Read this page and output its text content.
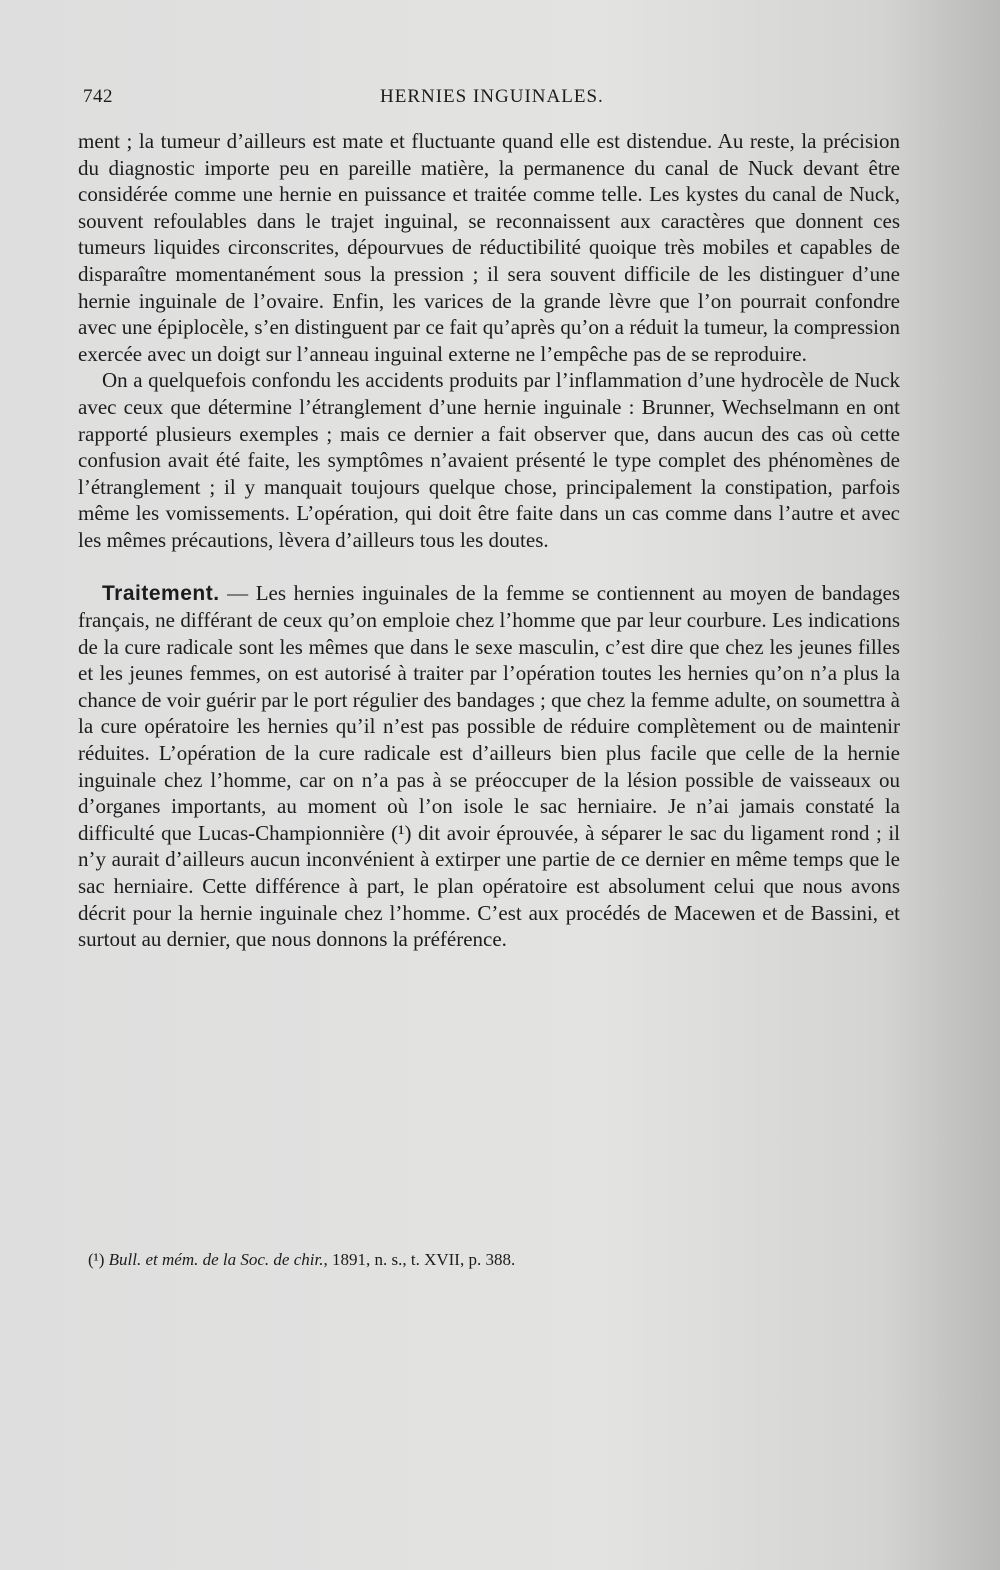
742	HERNIES INGUINALES.

ment ; la tumeur d’ailleurs est mate et fluctuante quand elle est distendue. Au reste, la précision du diagnostic importe peu en pareille matière, la permanence du canal de Nuck devant être considérée comme une hernie en puissance et traitée comme telle. Les kystes du canal de Nuck, souvent refoulables dans le trajet inguinal, se reconnaissent aux caractères que donnent ces tumeurs liquides circonscrites, dépourvues de réductibilité quoique très mobiles et capables de disparaître momentanément sous la pression ; il sera souvent difficile de les distinguer d’une hernie inguinale de l’ovaire. Enfin, les varices de la grande lèvre que l’on pourrait confondre avec une épiplocèle, s’en distinguent par ce fait qu’après qu’on a réduit la tumeur, la compression exercée avec un doigt sur l’anneau inguinal externe ne l’empêche pas de se reproduire.

On a quelquefois confondu les accidents produits par l’inflammation d’une hydrocèle de Nuck avec ceux que détermine l’étranglement d’une hernie inguinale : Brunner, Wechselmann en ont rapporté plusieurs exemples ; mais ce dernier a fait observer que, dans aucun des cas où cette confusion avait été faite, les symptômes n’avaient présenté le type complet des phénomènes de l’étranglement ; il y manquait toujours quelque chose, principalement la constipation, parfois même les vomissements. L’opération, qui doit être faite dans un cas comme dans l’autre et avec les mêmes précautions, lèvera d’ailleurs tous les doutes.

Traitement. — Les hernies inguinales de la femme se contiennent au moyen de bandages français, ne différant de ceux qu’on emploie chez l’homme que par leur courbure. Les indications de la cure radicale sont les mêmes que dans le sexe masculin, c’est dire que chez les jeunes filles et les jeunes femmes, on est autorisé à traiter par l’opération toutes les hernies qu’on n’a plus la chance de voir guérir par le port régulier des bandages ; que chez la femme adulte, on soumettra à la cure opératoire les hernies qu’il n’est pas possible de réduire complètement ou de maintenir réduites. L’opération de la cure radicale est d’ailleurs bien plus facile que celle de la hernie inguinale chez l’homme, car on n’a pas à se préoccuper de la lésion possible de vaisseaux ou d’organes importants, au moment où l’on isole le sac herniaire. Je n’ai jamais constaté la difficulté que Lucas-Championnière (¹) dit avoir éprouvée, à séparer le sac du ligament rond ; il n’y aurait d’ailleurs aucun inconvénient à extirper une partie de ce dernier en même temps que le sac herniaire. Cette différence à part, le plan opératoire est absolument celui que nous avons décrit pour la hernie inguinale chez l’homme. C’est aux procédés de Macewen et de Bassini, et surtout au dernier, que nous donnons la préférence.

(¹) Bull. et mém. de la Soc. de chir., 1891, n. s., t. XVII, p. 388.
